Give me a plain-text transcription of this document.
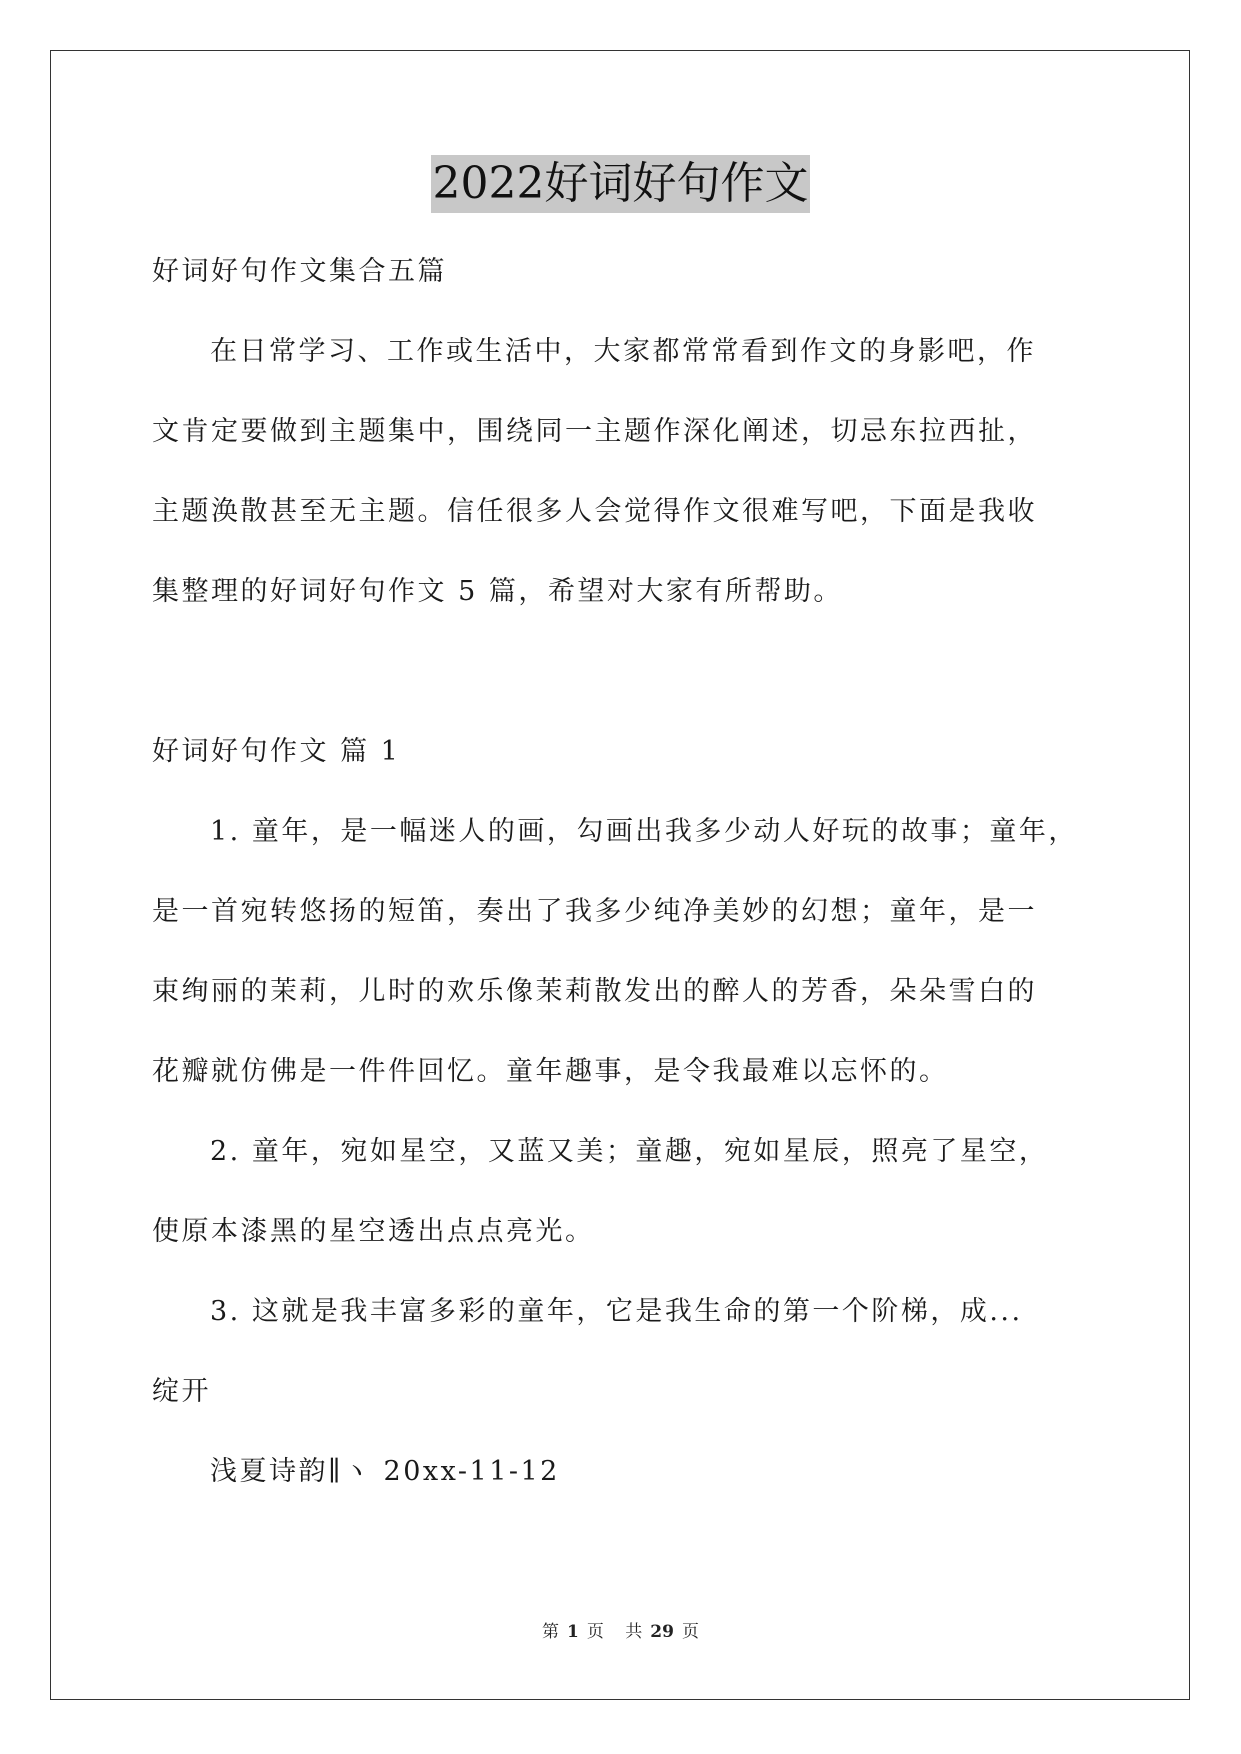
2022好词好句作文
好词好句作文集合五篇
在日常学习、工作或生活中，大家都常常看到作文的身影吧，作
文肯定要做到主题集中，围绕同一主题作深化阐述，切忌东拉西扯，
主题涣散甚至无主题。信任很多人会觉得作文很难写吧，下面是我收
集整理的好词好句作文 5 篇，希望对大家有所帮助。
好词好句作文 篇 1
1. 童年，是一幅迷人的画，勾画出我多少动人好玩的故事；童年，
是一首宛转悠扬的短笛，奏出了我多少纯净美妙的幻想；童年，是一
束绚丽的茉莉，儿时的欢乐像茉莉散发出的醉人的芳香，朵朵雪白的
花瓣就仿佛是一件件回忆。童年趣事，是令我最难以忘怀的。
2. 童年，宛如星空，又蓝又美；童趣，宛如星辰，照亮了星空，
使原本漆黑的星空透出点点亮光。
3. 这就是我丰富多彩的童年，它是我生命的第一个阶梯，成...
绽开
浅夏诗韵∥ヽ 20xx-11-12
第 1 页 共 29 页
